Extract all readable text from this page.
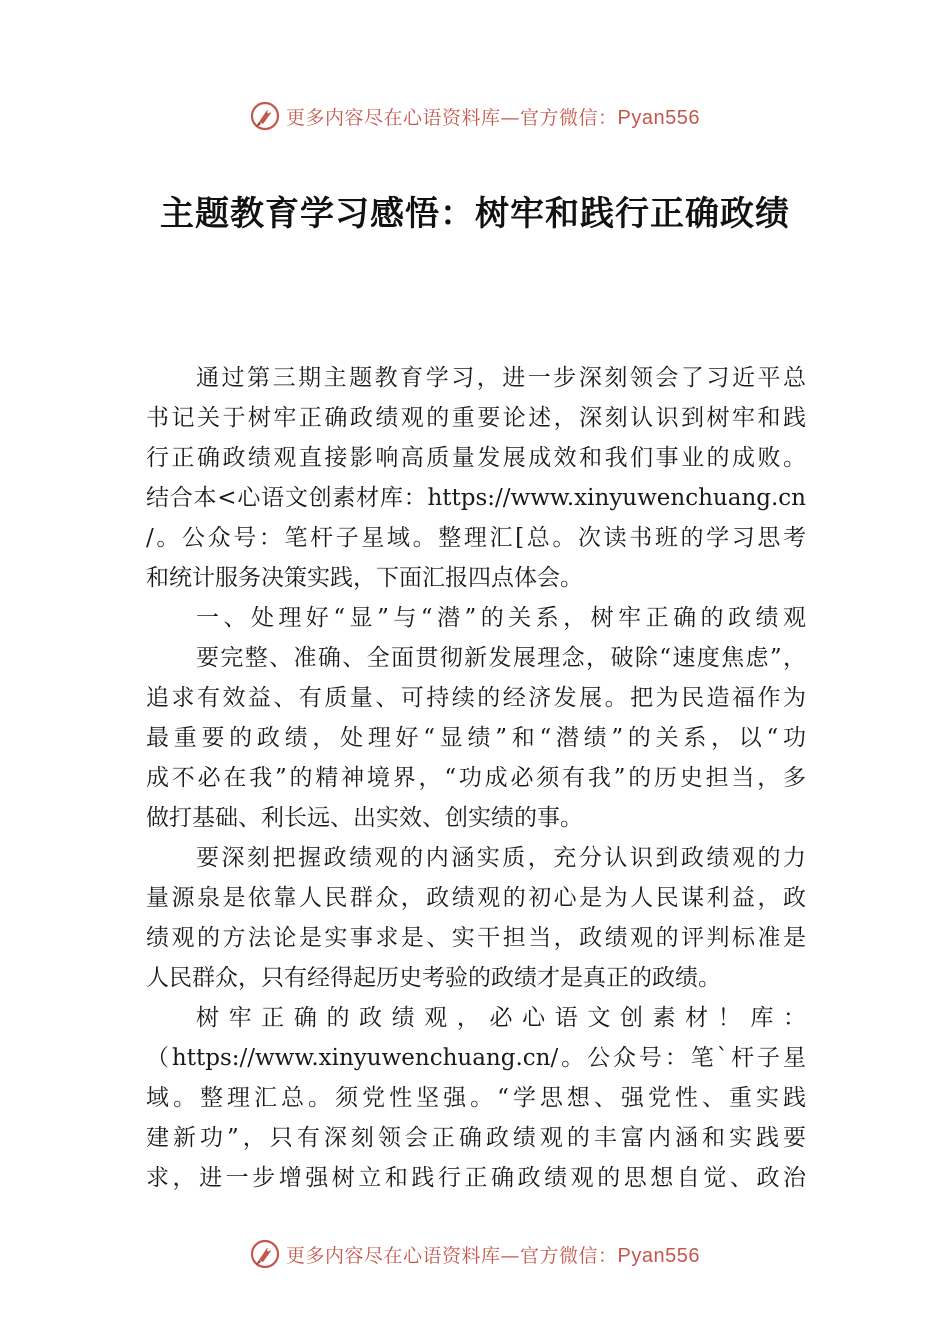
更多内容尽在心语资料库—官方微信：Pyan556
主题教育学习感悟：树牢和践行正确政绩
通过第三期主题教育学习，进一步深刻领会了习近平总
书记关于树牢正确政绩观的重要论述，深刻认识到树牢和践
行正确政绩观直接影响高质量发展成效和我们事业的成败。
结合本<心语文创素材库：https://www.xinyuwenchuang.cn
/。公众号：笔杆子星域。整理汇[总。次读书班的学习思考
和统计服务决策实践，下面汇报四点体会。
一、处理好“显”与“潜”的关系，树牢正确的政绩观
要完整、准确、全面贯彻新发展理念，破除“速度焦虑”，
追求有效益、有质量、可持续的经济发展。把为民造福作为
最重要的政绩，处理好“显绩”和“潜绩”的关系，以“功
成不必在我”的精神境界，“功成必须有我”的历史担当，多
做打基础、利长远、出实效、创实绩的事。
要深刻把握政绩观的内涵实质，充分认识到政绩观的力
量源泉是依靠人民群众，政绩观的初心是为人民谋利益，政
绩观的方法论是实事求是、实干担当，政绩观的评判标准是
人民群众，只有经得起历史考验的政绩才是真正的政绩。
树牢正确的政绩观，必心语文创素材！库：
（https://www.xinyuwenchuang.cn/。公众号：笔`杆子星
域。整理汇总。须党性坚强。“学思想、强党性、重实践
建新功”，只有深刻领会正确政绩观的丰富内涵和实践要
求，进一步增强树立和践行正确政绩观的思想自觉、政治
更多内容尽在心语资料库—官方微信：Pyan556
